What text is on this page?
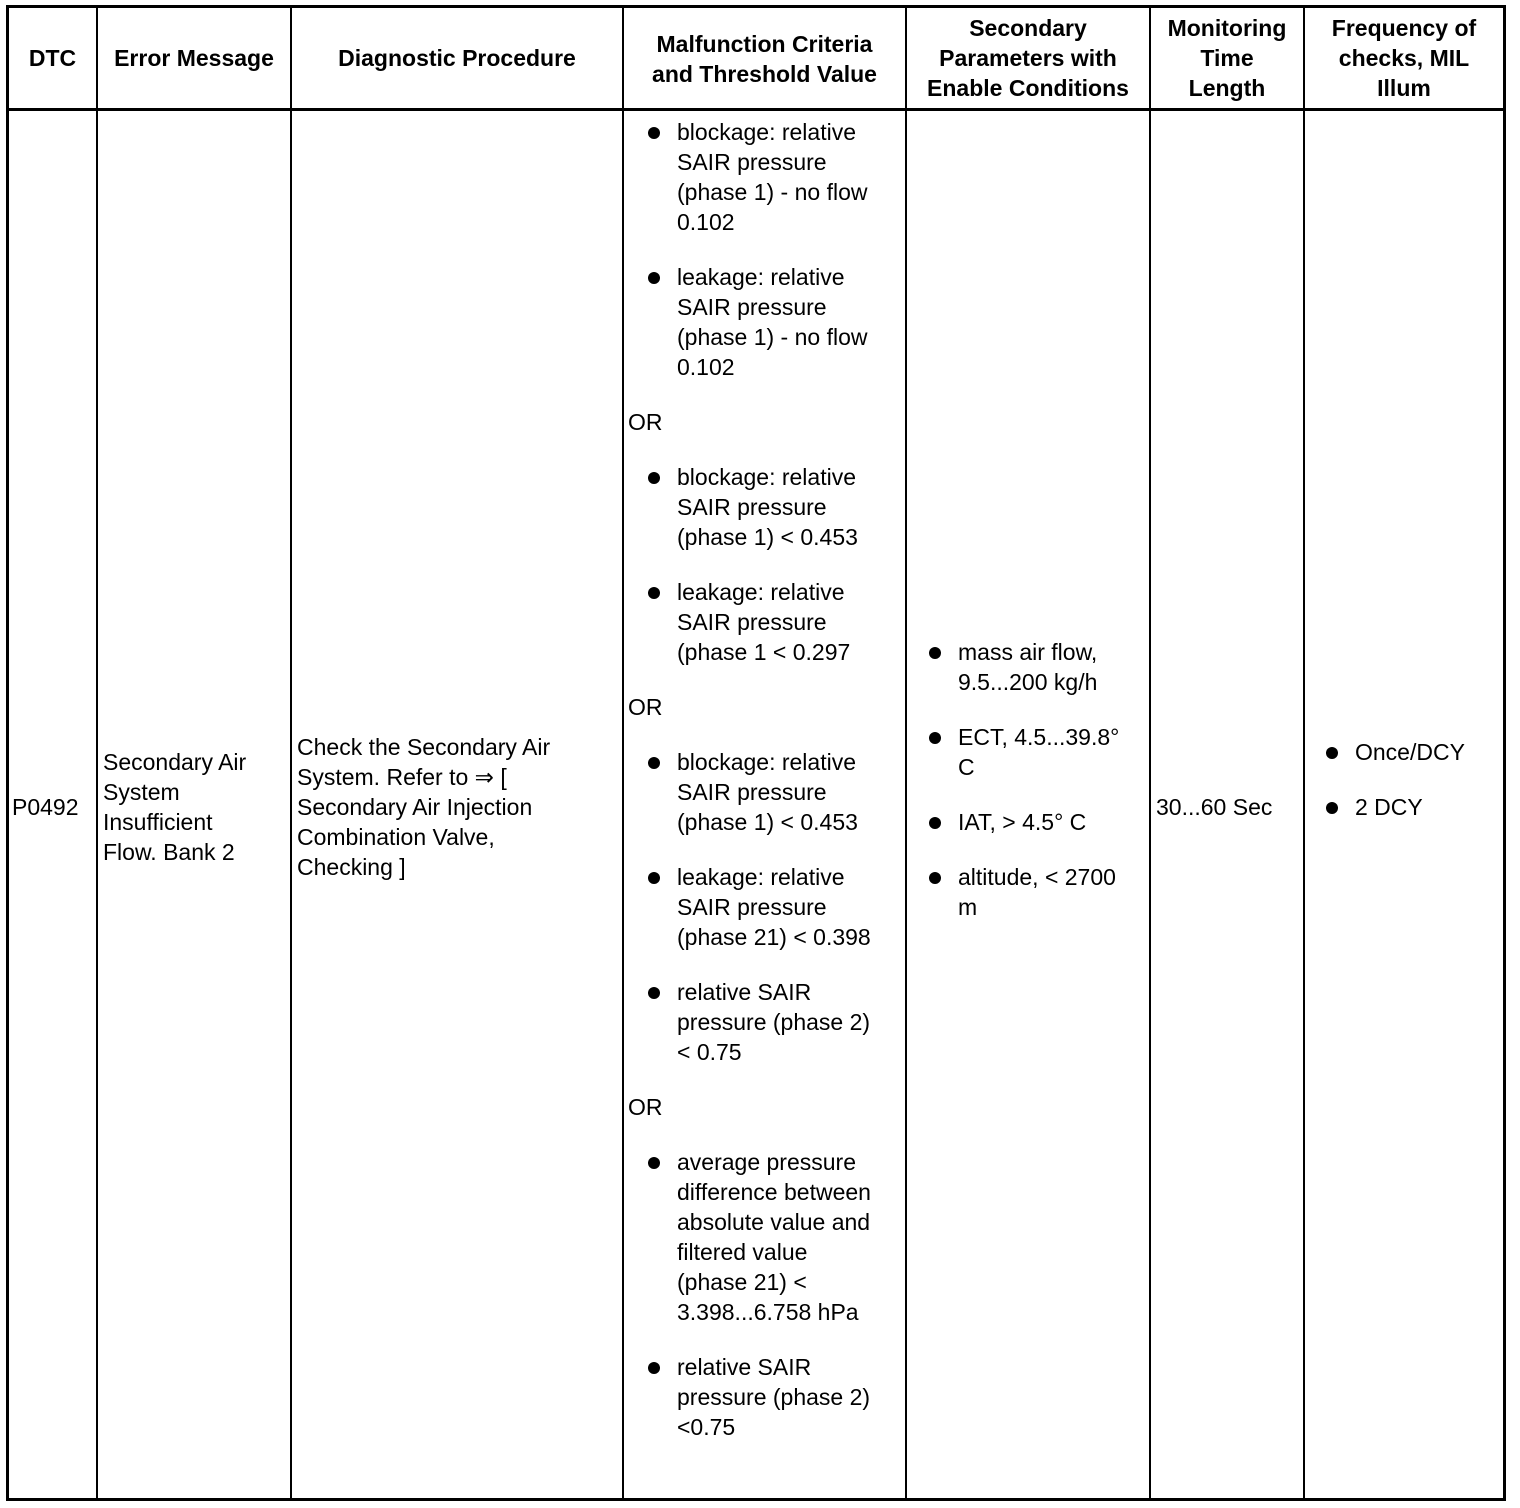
DTC Error Message	Diagnostic Procedure
Malfunction Criteria
and Threshold Value
Secondary
Parameters with
Enable Conditions
Monitoring
Time
Length
Frequency of
checks, MIL
Illum
P0492
Secondary Air
System
Insufficient
Flow. Bank 2
Check the Secondary Air
System. Refer to ⇒ [
Secondary Air Injection
Combination Valve,
Checking ]
blockage: relative
SAIR pressure
(phase 1) - no flow
0.102
leakage: relative
SAIR pressure
(phase 1) - no flow
0.102
OR
blockage: relative
SAIR pressure
(phase 1) < 0.453
leakage: relative
SAIR pressure
(phase 1 < 0.297
OR
blockage: relative
SAIR pressure
(phase 1) < 0.453
leakage: relative
SAIR pressure
(phase 21) < 0.398
relative SAIR
pressure (phase 2)
< 0.75
OR
average pressure
difference between
absolute value and
filtered value
(phase 21) <
3.398...6.758 hPa
relative SAIR
pressure (phase 2)
<0.75
mass air flow,
9.5...200 kg/h
ECT, 4.5...39.8°
C
IAT, > 4.5° C
altitude, < 2700
m
30...60 Sec
Once/DCY
2 DCY
